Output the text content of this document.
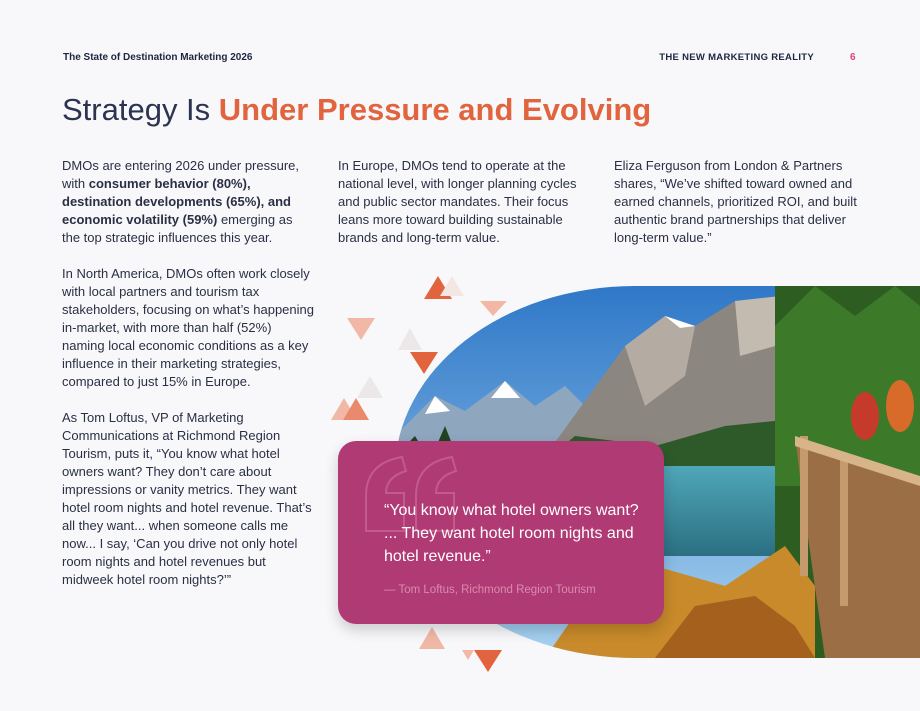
The State of Destination Marketing 2026	THE NEW MARKETING REALITY	6
Strategy Is Under Pressure and Evolving

DMOs are entering 2026 under pressure, with consumer behavior (80%), destination developments (65%), and economic volatility (59%) emerging as the top strategic influences this year.

In North America, DMOs often work closely with local partners and tourism tax stakeholders, focusing on what’s happening in-market, with more than half (52%) naming local economic conditions as a key influence in their marketing strategies, compared to just 15% in Europe.

As Tom Loftus, VP of Marketing Communications at Richmond Region Tourism, puts it, “You know what hotel owners want? They don’t care about impressions or vanity metrics. They want hotel room nights and hotel revenue. That’s all they want... when someone calls me now... I say, ‘Can you drive not only hotel room nights and hotel revenues but midweek hotel room nights?’”

In Europe, DMOs tend to operate at the national level, with longer planning cycles and public sector mandates. Their focus leans more toward building sustainable brands and long-term value.

Eliza Ferguson from London & Partners shares, “We’ve shifted toward owned and earned channels, prioritized ROI, and built authentic brand partnerships that deliver long-term value.”

“You know what hotel owners want? ... They want hotel room nights and hotel revenue.”
— Tom Loftus, Richmond Region Tourism
